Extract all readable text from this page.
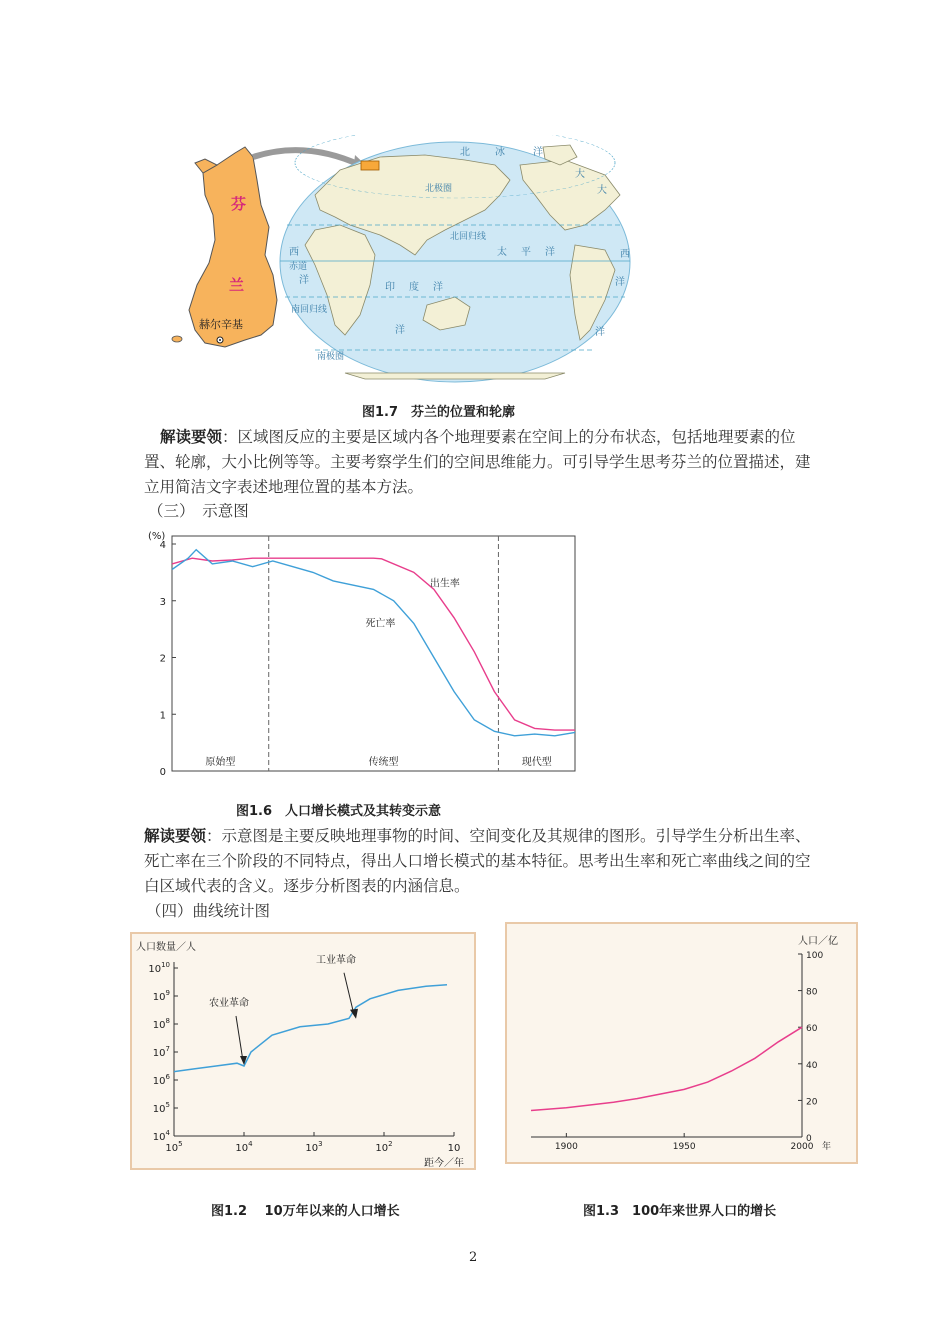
芬
兰
赫尔辛基
北极圈
北回归线
赤道
南回归线
南极圈
北	冰	洋
大
大
西
洋
西
洋
太 平 洋
印 度 洋
洋	洋
图1.7　芬兰的位置和轮廓
解读要领：区域图反应的主要是区域内各个地理要素在空间上的分布状态，包括地理要素的位置、轮廓，大小比例等等。主要考察学生们的空间思维能力。可引导学生思考芬兰的位置描述，建立用简洁文字表述地理位置的基本方法。
（三）　示意图
(%)
0
1
2
3
4
原始型	传统型	现代型
出生率
死亡率
图1.6　人口增长模式及其转变示意
解读要领：示意图是主要反映地理事物的时间、空间变化及其规律的图形。引导学生分析出生率、死亡率在三个阶段的不同特点，得出人口增长模式的基本特征。思考出生率和死亡率曲线之间的空白区域代表的含义。逐步分析图表的内涵信息。
（四）曲线统计图
人口数量／人
$10^4$
$10^5$
$10^6$
$10^7$
$10^8$
$10^9$
$10^{10}$
$10^5$	$10^4$	$10^3$	$10^2$	10
距今／年
农业革命
工业革命
人口／亿
0
20
40
60
80
100
1900	1950	2000 年
图1.2　 10万年以来的人口增长	图1.3　100年来世界人口的增长
2
